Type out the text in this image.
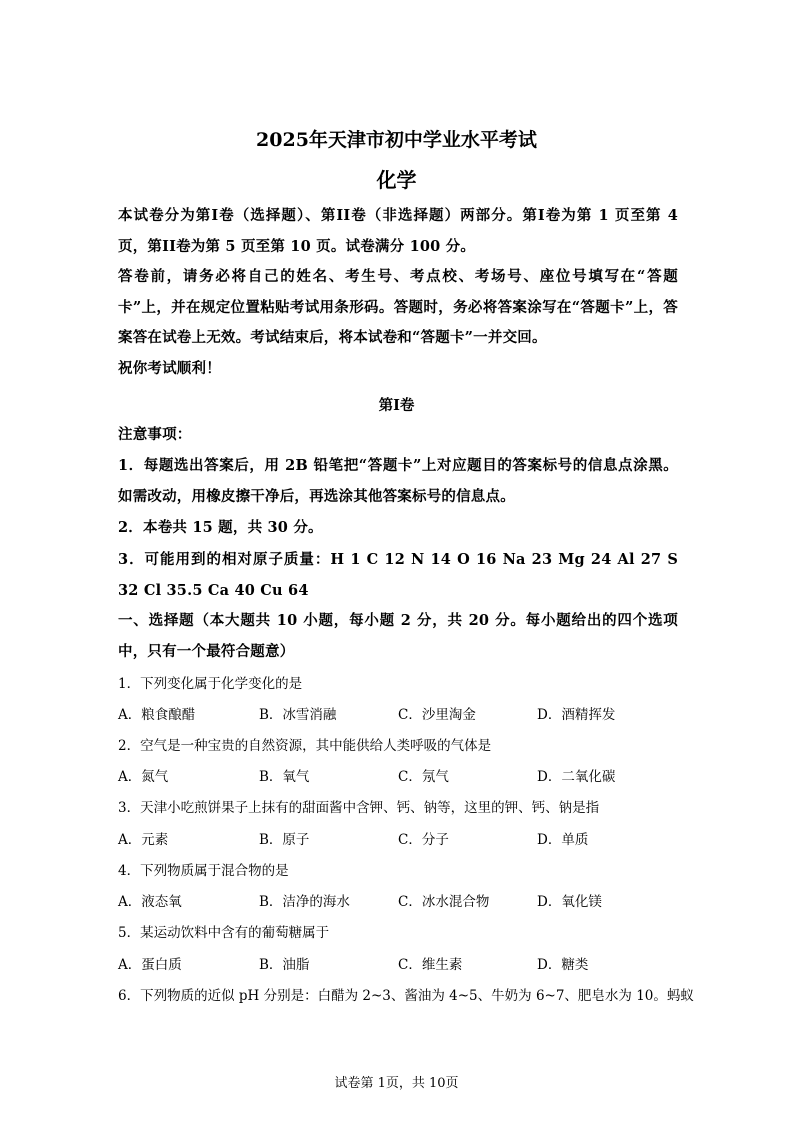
2025年天津市初中学业水平考试
化学
本试卷分为第I卷（选择题）、第II卷（非选择题）两部分。第I卷为第 1 页至第 4 页，第II卷为第 5 页至第 10 页。试卷满分 100 分。
答卷前，请务必将自己的姓名、考生号、考点校、考场号、座位号填写在“答题卡”上，并在规定位置粘贴考试用条形码。答题时，务必将答案涂写在“答题卡”上，答案答在试卷上无效。考试结束后，将本试卷和“答题卡”一并交回。
祝你考试顺利！
第I卷
注意事项：
1．每题选出答案后，用 2B 铅笔把“答题卡”上对应题目的答案标号的信息点涂黑。如需改动，用橡皮擦干净后，再选涂其他答案标号的信息点。
2．本卷共 15 题，共 30 分。
3．可能用到的相对原子质量：H 1 C 12 N 14 O 16 Na 23 Mg 24 Al 27 S 32 Cl 35.5 Ca 40 Cu 64
一、选择题（本大题共 10 小题，每小题 2 分，共 20 分。每小题给出的四个选项中，只有一个最符合题意）
1．下列变化属于化学变化的是
A．粮食酿醋	B．冰雪消融	C．沙里淘金	D．酒精挥发
2．空气是一种宝贵的自然资源，其中能供给人类呼吸的气体是
A．氮气	B．氧气	C．氖气	D．二氧化碳
3．天津小吃煎饼果子上抹有的甜面酱中含钾、钙、钠等，这里的钾、钙、钠是指
A．元素	B．原子	C．分子	D．单质
4．下列物质属于混合物的是
A．液态氧	B．洁净的海水	C．冰水混合物	D．氧化镁
5．某运动饮料中含有的葡萄糖属于
A．蛋白质	B．油脂	C．维生素	D．糖类
6．下列物质的近似 pH 分别是：白醋为 2~3、酱油为 4~5、牛奶为 6~7、肥皂水为 10。蚂蚁
试卷第 1页，共 10页
